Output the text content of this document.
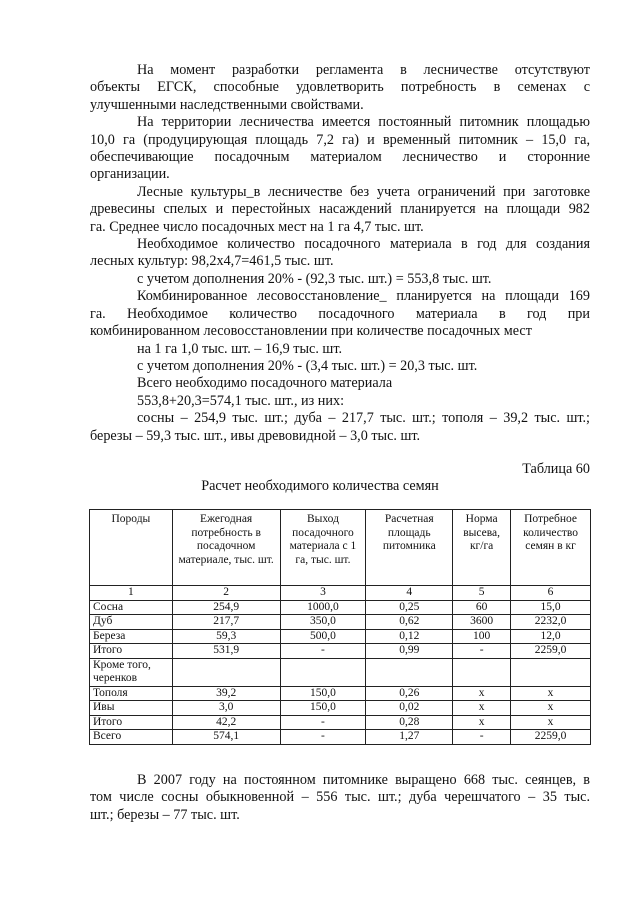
На момент разработки регламента в лесничестве отсутствуют

объекты ЕГСК, способные удовлетворить потребность в семенах с

улучшенными наследственными свойствами.

На территории лесничества имеется постоянный питомник площадью

10,0 га (продуцирующая площадь 7,2 га) и временный питомник – 15,0 га,

обеспечивающие посадочным материалом лесничество и сторонние

организации.

Лесные культуры_в лесничестве без учета ограничений при заготовке

древесины спелых и перестойных насаждений планируется на площади 982

га. Среднее число посадочных мест на 1 га 4,7 тыс. шт.

Необходимое количество посадочного материала в год для создания

лесных культур: 98,2х4,7=461,5 тыс. шт.

с учетом дополнения 20% - (92,3 тыс. шт.) = 553,8 тыс. шт.

Комбинированное лесовосстановление_ планируется на площади 169

га. Необходимое количество посадочного материала в год при

комбинированном лесовосстановлении при количестве посадочных мест

на 1 га 1,0 тыс. шт. – 16,9 тыс. шт.

с учетом дополнения 20% - (3,4 тыс. шт.) = 20,3 тыс. шт.

Всего необходимо посадочного материала

553,8+20,3=574,1 тыс. шт., из них:

сосны – 254,9 тыс. шт.; дуба – 217,7 тыс. шт.; тополя – 39,2 тыс. шт.;

березы – 59,3 тыс. шт., ивы древовидной – 3,0 тыс. шт.

Таблица 60
Расчет необходимого количества семян
Породы	Ежегодная потребность в посадочном материале, тыс. шт.	Выход посадочного материала с 1 га, тыс. шт.	Расчетная площадь питомника	Норма высева, кг/га	Потребное количество семян в кг
1	2	3	4	5	6
Сосна	254,9	1000,0	0,25	60	15,0
Дуб	217,7	350,0	0,62	3600	2232,0
Береза	59,3	500,0	0,12	100	12,0
Итого	531,9	-	0,99	-	2259,0
Кроме того, черенков					
Тополя	39,2	150,0	0,26	х	х
Ивы	3,0	150,0	0,02	х	х
Итого	42,2	-	0,28	х	х
Всего	574,1	-	1,27	-	2259,0

В 2007 году на постоянном питомнике выращено 668 тыс. сеянцев, в

том числе сосны обыкновенной – 556 тыс. шт.; дуба черешчатого – 35 тыс.

шт.; березы – 77 тыс. шт.
